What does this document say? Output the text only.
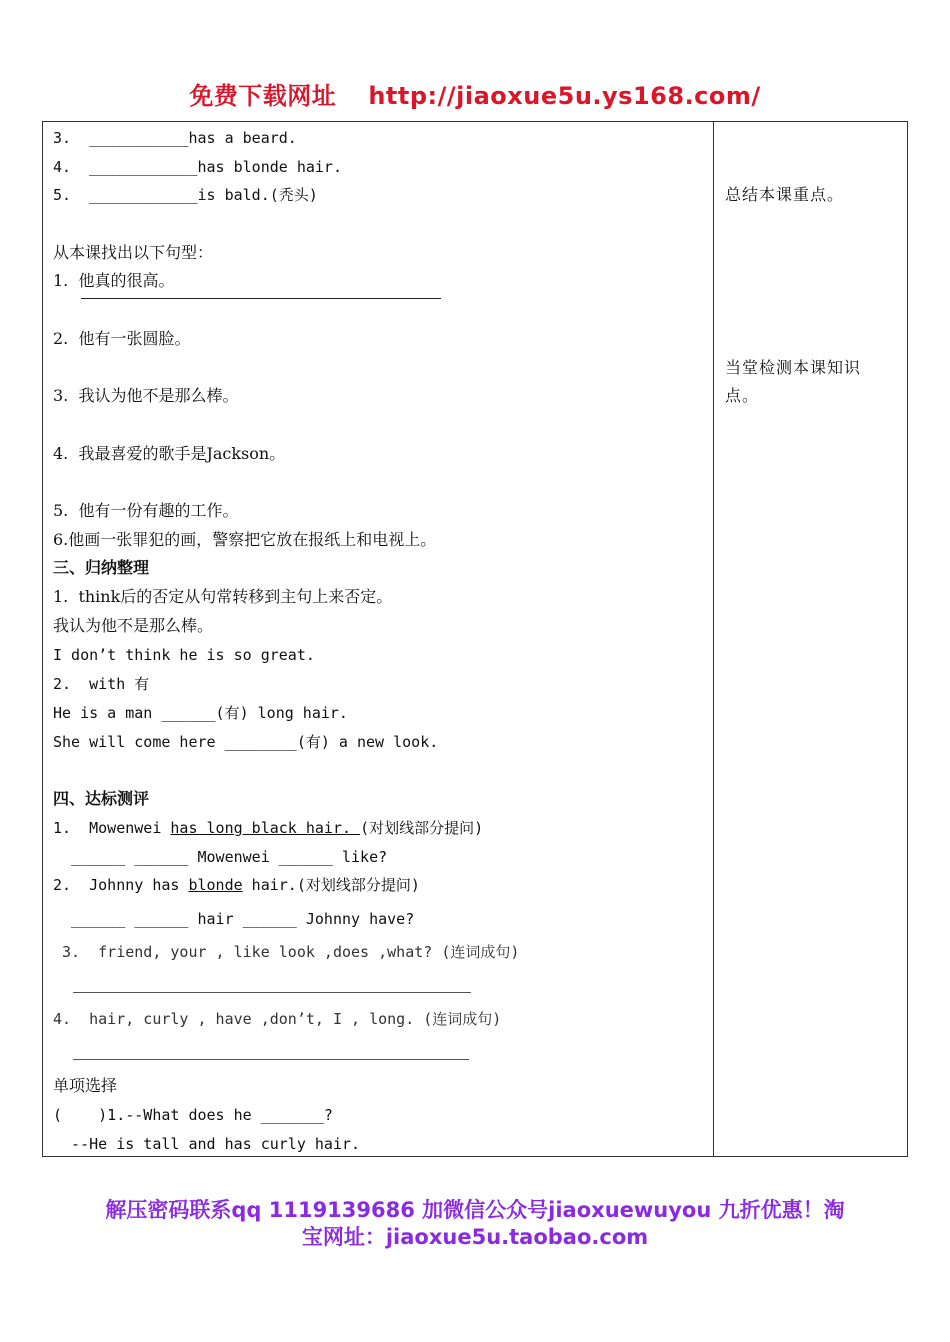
免费下载网址 http://jiaoxue5u.ys168.com/
3.  ___________has a beard.
4.  ____________has blonde hair.
5.  ____________is bald.(秃头)
从本课找出以下句型：
1.  他真的很高。
2.  他有一张圆脸。
3.  我认为他不是那么棒。
4.  我最喜爱的歌手是Jackson。
5.  他有一份有趣的工作。
6.他画一张罪犯的画，警察把它放在报纸上和电视上。
三、归纳整理
1.  think后的否定从句常转移到主句上来否定。
我认为他不是那么棒。
I don’t think he is so great.
2.  with 有
He is a man ______(有) long hair.
She will come here ________(有) a new look.
四、达标测评
1.  Mowenwei has long black hair. (对划线部分提问)
______ ______ Mowenwei ______ like?
2.  Johnny has blonde hair.(对划线部分提问)
______ ______ hair ______ Johnny have?
3.  friend, your , like look ,does ,what? (连词成句)
4.  hair, curly , have ,don’t, I , long. (连词成句)
单项选择
(    )1.--What does he _______?
--He is tall and has curly hair.
总结本课重点。
当堂检测本课知识
点。
解压密码联系qq 1119139686 加微信公众号jiaoxuewuyou 九折优惠！淘
宝网址：jiaoxue5u.taobao.com
